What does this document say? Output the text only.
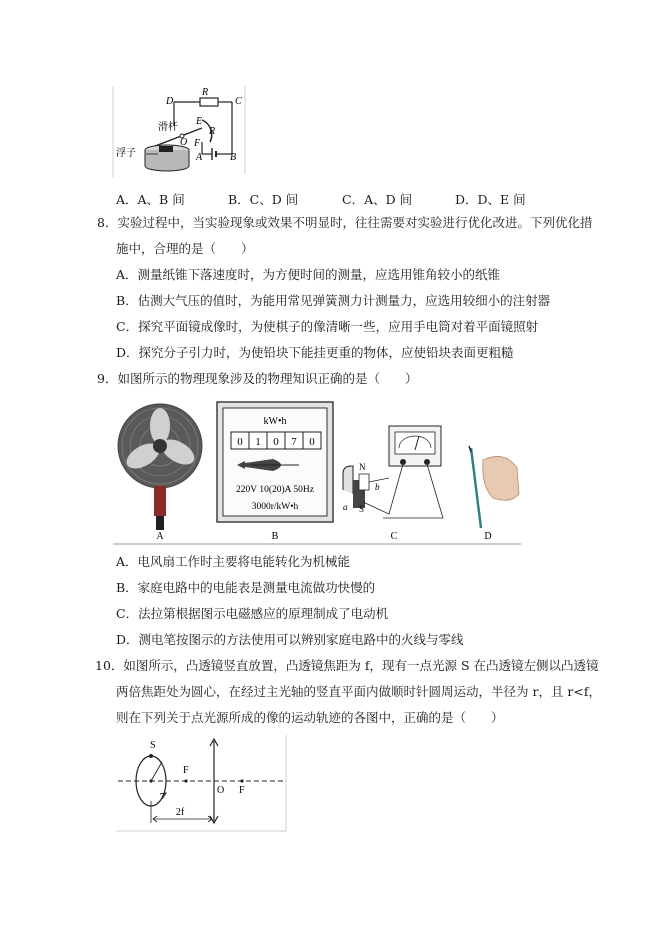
D
R
C
滑杆
E
R
O F
A	B
浮子
A．A、B 间	B．C、D 间	C．A、D 间	D．D、E 间
8．实验过程中，当实验现象或效果不明显时，往往需要对实验进行优化改进。下列优化措
施中，合理的是（　　）
A．测量纸锥下落速度时，为方便时间的测量，应选用锥角较小的纸锥
B．估测大气压的值时，为能用常见弹簧测力计测量力，应选用较细小的注射器
C．探究平面镜成像时，为使棋子的像清晰一些，应用手电筒对着平面镜照射
D．探究分子引力时，为使铅块下能挂更重的物体，应使铅块表面更粗糙
9．如图所示的物理现象涉及的物理知识正确的是（　　）
kW•h
0 1 0 7 0
220V 10(20)A 50Hz
3000r/kW•h
N
S
a
b
A	B	C	D
A．电风扇工作时主要将电能转化为机械能
B．家庭电路中的电能表是测量电流做功快慢的
C．法拉第根据图示电磁感应的原理制成了电动机
D．测电笔按图示的方法使用可以辨别家庭电路中的火线与零线
10．如图所示，凸透镜竖直放置，凸透镜焦距为 f，现有一点光源 S 在凸透镜左侧以凸透镜
两倍焦距处为圆心，在经过主光轴的竖直平面内做顺时针圆周运动，半径为 r，且 r<f，
则在下列关于点光源所成的像的运动轨迹的各图中，正确的是（　　）
S
F
O F
2f
